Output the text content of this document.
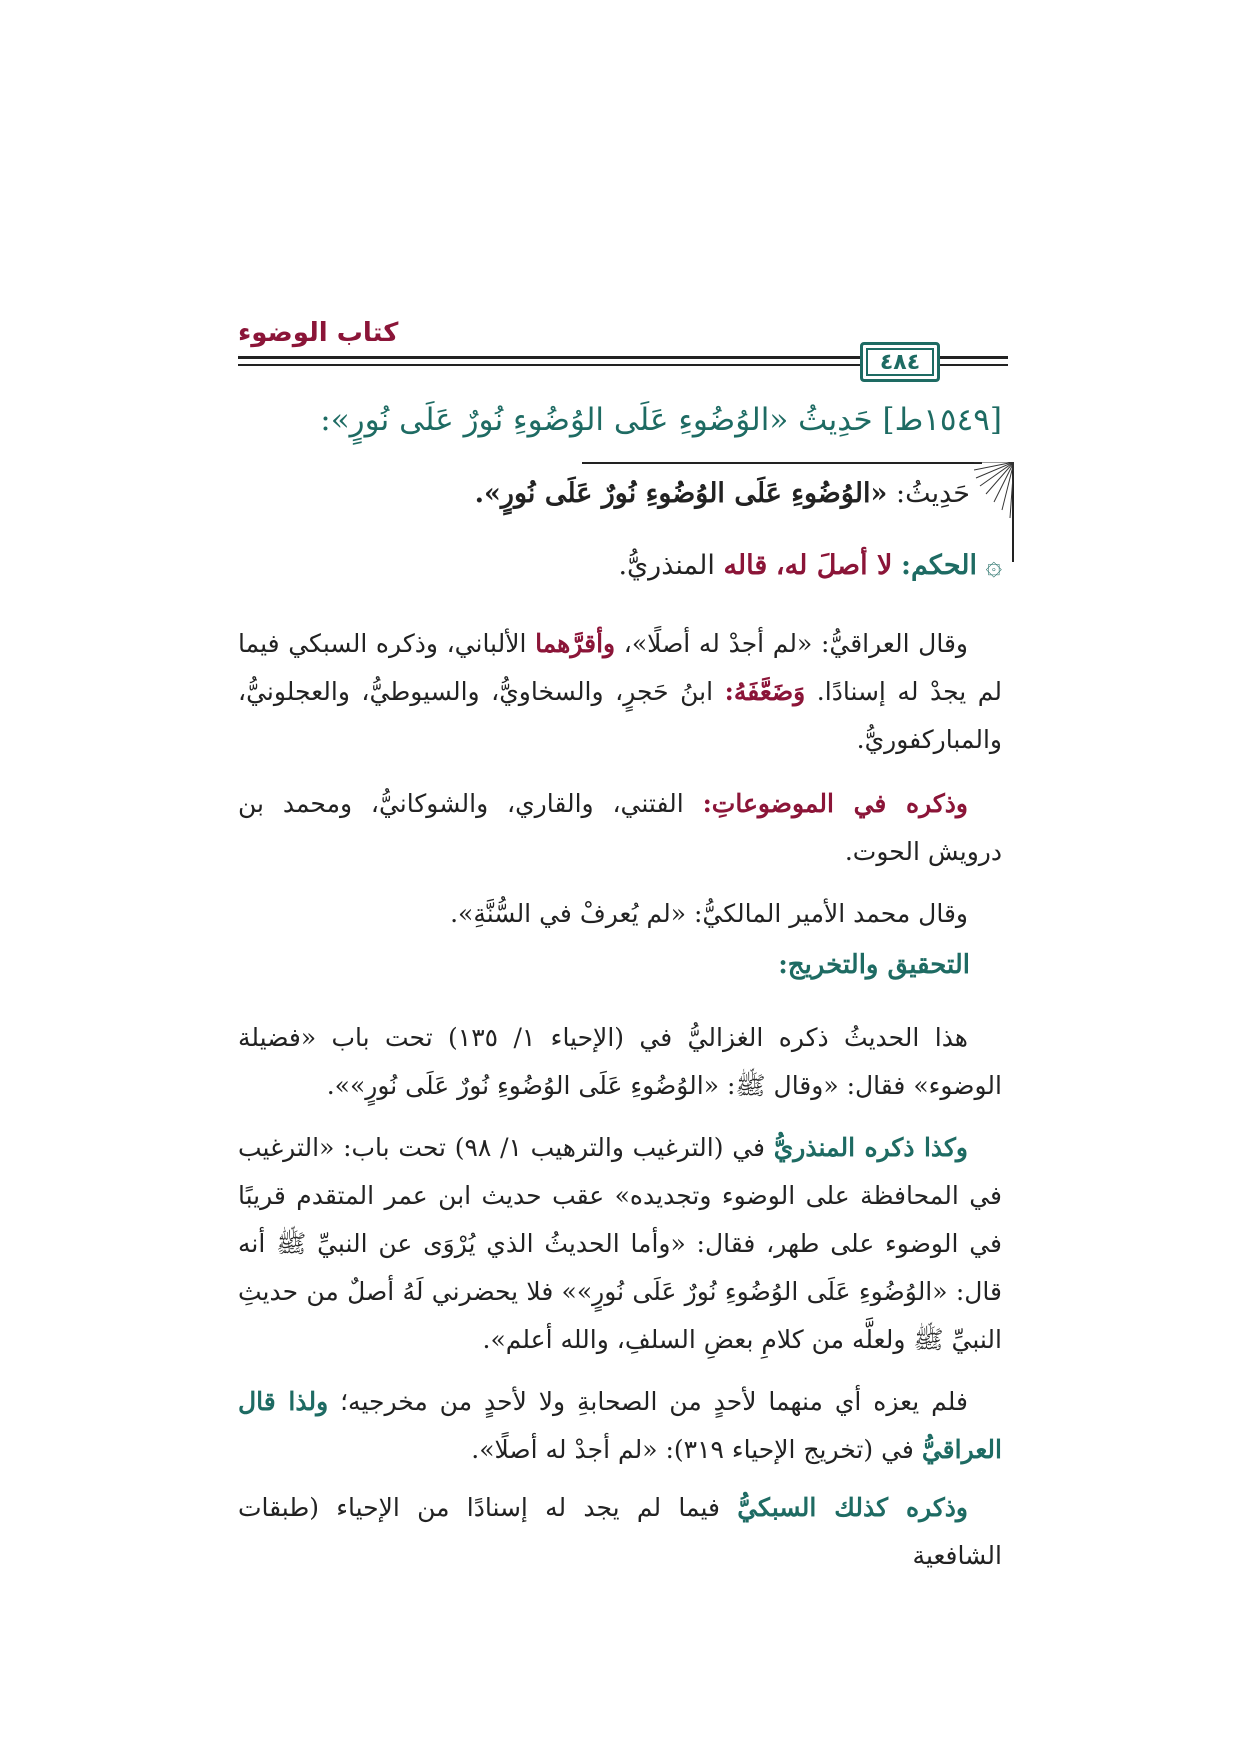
كتاب الوضوء
٤٨٤
[١٥٤٩ط] حَدِيثُ «الوُضُوءِ عَلَى الوُضُوءِ نُورٌ عَلَى نُورٍ»:
حَدِيثُ: «الوُضُوءِ عَلَى الوُضُوءِ نُورٌ عَلَى نُورٍ».
۞ الحكم: لا أصلَ له، قاله المنذريُّ.
وقال العراقيُّ: «لم أجدْ له أصلًا»، وأقرَّهما الألباني، وذكره السبكي فيما لم يجدْ له إسنادًا. وَضَعَّفَهُ: ابنُ حَجرٍ، والسخاويُّ، والسيوطيُّ، والعجلونيُّ، والمباركفوريُّ.
وذكره في الموضوعاتِ: الفتني، والقاري، والشوكانيُّ، ومحمد بن درويش الحوت.
وقال محمد الأمير المالكيُّ: «لم يُعرفْ في السُّنَّةِ».
التحقيق والتخريج:
هذا الحديثُ ذكره الغزاليُّ في (الإحياء ١/ ١٣٥) تحت باب «فضيلة الوضوء» فقال: «وقال ﷺ: «الوُضُوءِ عَلَى الوُضُوءِ نُورٌ عَلَى نُورٍ»».
وكذا ذكره المنذريُّ في (الترغيب والترهيب ١/ ٩٨) تحت باب: «الترغيب في المحافظة على الوضوء وتجديده» عقب حديث ابن عمر المتقدم قريبًا في الوضوء على طهر، فقال: «وأما الحديثُ الذي يُرْوَى عن النبيِّ ﷺ أنه قال: «الوُضُوءِ عَلَى الوُضُوءِ نُورٌ عَلَى نُورٍ»» فلا يحضرني لَهُ أصلٌ من حديثِ النبيِّ ﷺ ولعلَّه من كلامِ بعضِ السلفِ، والله أعلم».
فلم يعزه أي منهما لأحدٍ من الصحابةِ ولا لأحدٍ من مخرجيه؛ ولذا قال العراقيُّ في (تخريج الإحياء ٣١٩): «لم أجدْ له أصلًا».
وذكره كذلك السبكيُّ فيما لم يجد له إسنادًا من الإحياء (طبقات الشافعية
